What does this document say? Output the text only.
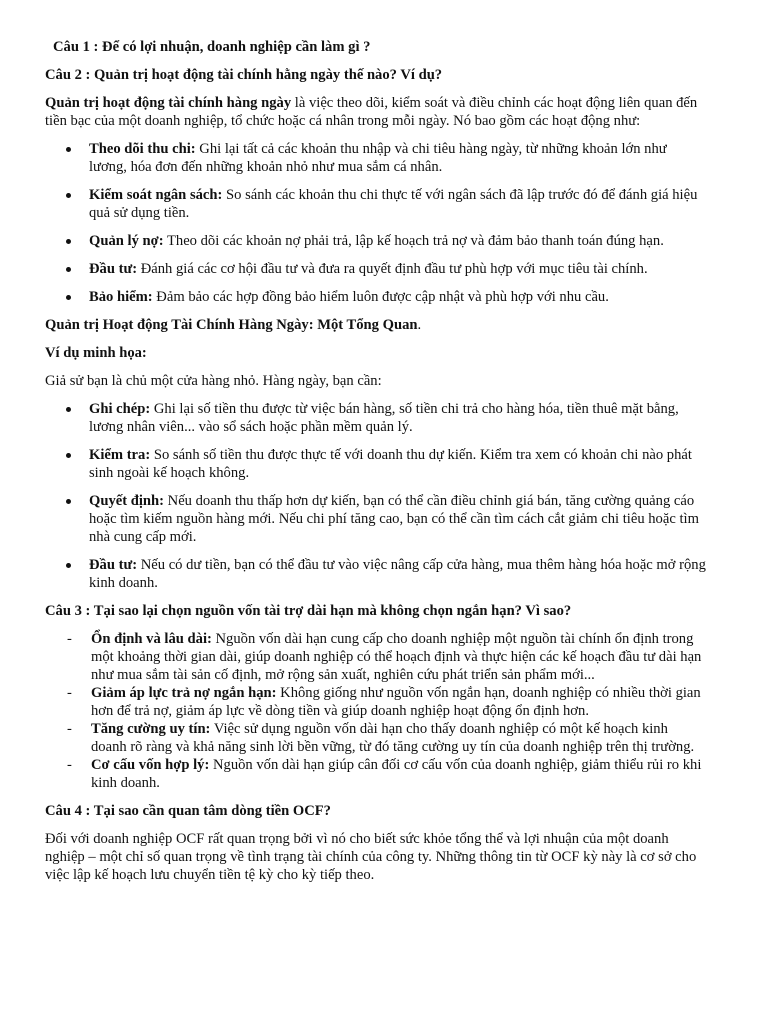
Câu 1 : Để có lợi nhuận, doanh nghiệp cần làm gì ?

Câu 2 : Quản trị hoạt động tài chính hằng ngày thế nào? Ví dụ?

Quản trị hoạt động tài chính hàng ngày là việc theo dõi, kiểm soát và điều chỉnh các hoạt động liên quan đến tiền bạc của một doanh nghiệp, tổ chức hoặc cá nhân trong mỗi ngày. Nó bao gồm các hoạt động như:

Theo dõi thu chi: Ghi lại tất cả các khoản thu nhập và chi tiêu hàng ngày, từ những khoản lớn như lương, hóa đơn đến những khoản nhỏ như mua sắm cá nhân.
Kiểm soát ngân sách: So sánh các khoản thu chi thực tế với ngân sách đã lập trước đó để đánh giá hiệu quả sử dụng tiền.
Quản lý nợ: Theo dõi các khoản nợ phải trả, lập kế hoạch trả nợ và đảm bảo thanh toán đúng hạn.
Đầu tư: Đánh giá các cơ hội đầu tư và đưa ra quyết định đầu tư phù hợp với mục tiêu tài chính.
Bảo hiểm: Đảm bảo các hợp đồng bảo hiểm luôn được cập nhật và phù hợp với nhu cầu.

Quản trị Hoạt động Tài Chính Hàng Ngày: Một Tổng Quan.

Ví dụ minh họa:

Giả sử bạn là chủ một cửa hàng nhỏ. Hàng ngày, bạn cần:

Ghi chép: Ghi lại số tiền thu được từ việc bán hàng, số tiền chi trả cho hàng hóa, tiền thuê mặt bằng, lương nhân viên... vào sổ sách hoặc phần mềm quản lý.
Kiểm tra: So sánh số tiền thu được thực tế với doanh thu dự kiến. Kiểm tra xem có khoản chi nào phát sinh ngoài kế hoạch không.
Quyết định: Nếu doanh thu thấp hơn dự kiến, bạn có thể cần điều chỉnh giá bán, tăng cường quảng cáo hoặc tìm kiếm nguồn hàng mới. Nếu chi phí tăng cao, bạn có thể cần tìm cách cắt giảm chi tiêu hoặc tìm nhà cung cấp mới.
Đầu tư: Nếu có dư tiền, bạn có thể đầu tư vào việc nâng cấp cửa hàng, mua thêm hàng hóa hoặc mở rộng kinh doanh.

Câu 3 : Tại sao lại chọn nguồn vốn tài trợ dài hạn mà không chọn ngắn hạn? Vì sao?

- Ổn định và lâu dài: Nguồn vốn dài hạn cung cấp cho doanh nghiệp một nguồn tài chính ổn định trong một khoảng thời gian dài, giúp doanh nghiệp có thể hoạch định và thực hiện các kế hoạch đầu tư dài hạn như mua sắm tài sản cố định, mở rộng sản xuất, nghiên cứu phát triển sản phẩm mới...
- Giảm áp lực trả nợ ngắn hạn: Không giống như nguồn vốn ngắn hạn, doanh nghiệp có nhiều thời gian hơn để trả nợ, giảm áp lực về dòng tiền và giúp doanh nghiệp hoạt động ổn định hơn.
- Tăng cường uy tín: Việc sử dụng nguồn vốn dài hạn cho thấy doanh nghiệp có một kế hoạch kinh doanh rõ ràng và khả năng sinh lời bền vững, từ đó tăng cường uy tín của doanh nghiệp trên thị trường.
- Cơ cấu vốn hợp lý: Nguồn vốn dài hạn giúp cân đối cơ cấu vốn của doanh nghiệp, giảm thiểu rủi ro khi kinh doanh.

Câu 4 : Tại sao cần quan tâm dòng tiền OCF?

Đối với doanh nghiệp OCF rất quan trọng bởi vì nó cho biết sức khỏe tổng thể và lợi nhuận của một doanh nghiệp – một chỉ số quan trọng về tình trạng tài chính của công ty. Những thông tin từ OCF kỳ này là cơ sở cho việc lập kế hoạch lưu chuyển tiền tệ kỳ cho kỳ tiếp theo.
